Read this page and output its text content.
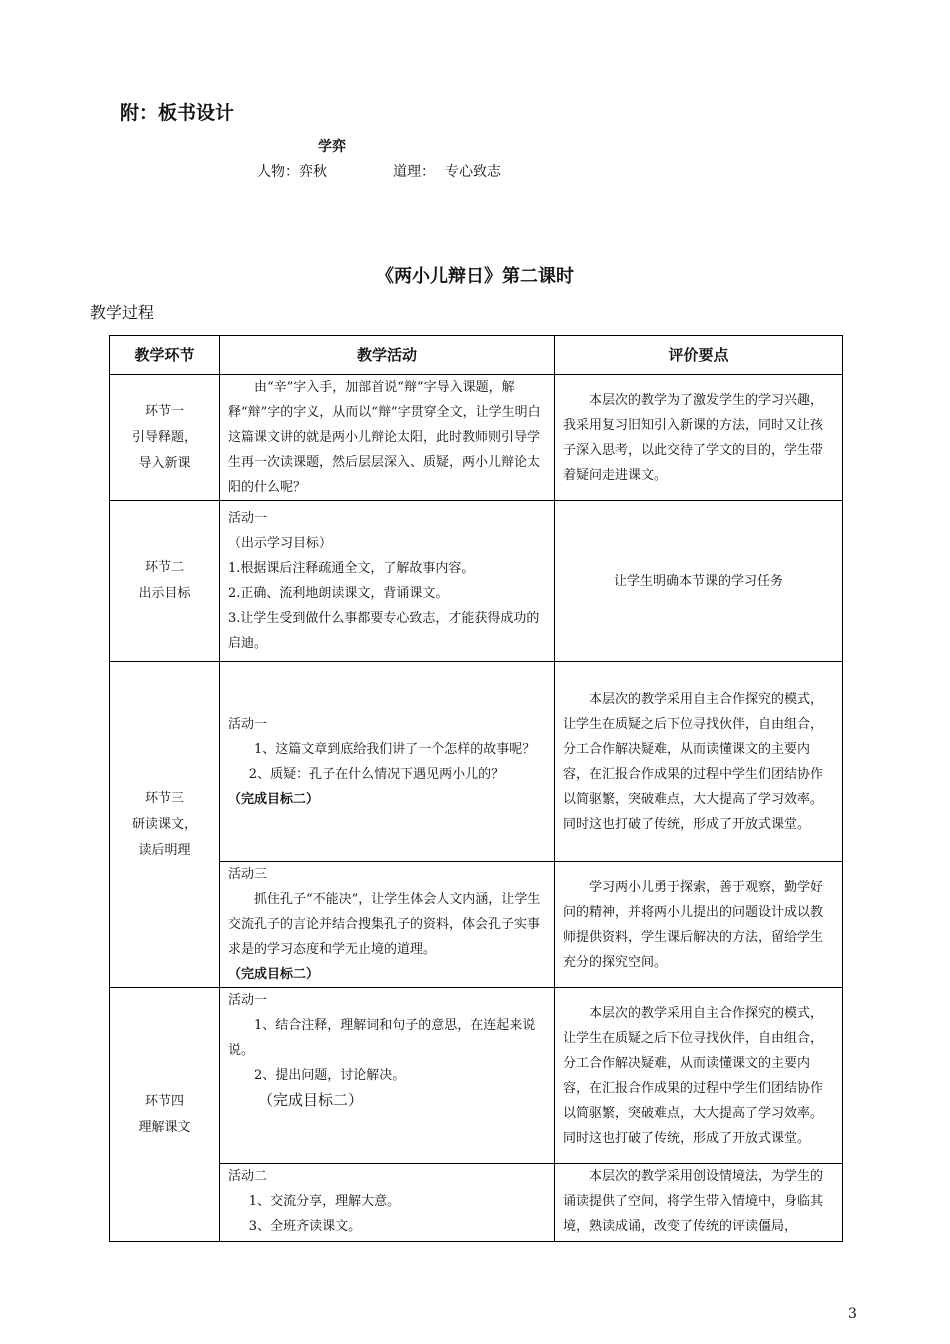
附：板书设计
学弈
人物：弈秋	道理： 专心致志
《两小儿辩日》第二课时
教学过程
教学环节	教学活动	评价要点

环节一
引导释题，
导入新课	由“辛”字入手，加部首说“辩”字导入课题，解释“辩”字的字义，从而以“辩”字贯穿全文，让学生明白这篇课文讲的就是两小儿辩论太阳，此时教师则引导学生再一次读课题，然后层层深入、质疑，两小儿辩论太阳的什么呢？	本层次的教学为了激发学生的学习兴趣，我采用复习旧知引入新课的方法，同时又让孩子深入思考，以此交待了学文的目的，学生带着疑问走进课文。

环节二
出示目标	活动一
（出示学习目标）
1.根据课后注释疏通全文，了解故事内容。
2.正确、流利地朗读课文，背诵课文。
3.让学生受到做什么事都要专心致志，才能获得成功的启迪。	让学生明确本节课的学习任务

环节三
研读课文，
读后明理	活动一
1、这篇文章到底给我们讲了一个怎样的故事呢？
2、质疑：孔子在什么情况下遇见两小儿的？
（完成目标二）	本层次的教学采用自主合作探究的模式，让学生在质疑之后下位寻找伙伴，自由组合，分工合作解决疑难，从而读懂课文的主要内容，在汇报合作成果的过程中学生们团结协作以简驱繁，突破难点，大大提高了学习效率。同时这也打破了传统，形成了开放式课堂。

	活动三
抓住孔子“不能决”，让学生体会人文内涵，让学生交流孔子的言论并结合搜集孔子的资料，体会孔子实事求是的学习态度和学无止境的道理。
（完成目标二）	学习两小儿勇于探索，善于观察，勤学好问的精神，并将两小儿提出的问题设计成以教师提供资料，学生课后解决的方法，留给学生充分的探究空间。

环节四
理解课文	活动一
1、结合注释，理解词和句子的意思，在连起来说说。
2、提出问题，讨论解决。
（完成目标二）	本层次的教学采用自主合作探究的模式，让学生在质疑之后下位寻找伙伴，自由组合，分工合作解决疑难，从而读懂课文的主要内容，在汇报合作成果的过程中学生们团结协作以简驱繁，突破难点，大大提高了学习效率。同时这也打破了传统，形成了开放式课堂。

	活动二
1、交流分享，理解大意。
3、全班齐读课文。	本层次的教学采用创设情境法，为学生的诵读提供了空间，将学生带入情境中，身临其境，熟读成诵，改变了传统的评读僵局，
3
